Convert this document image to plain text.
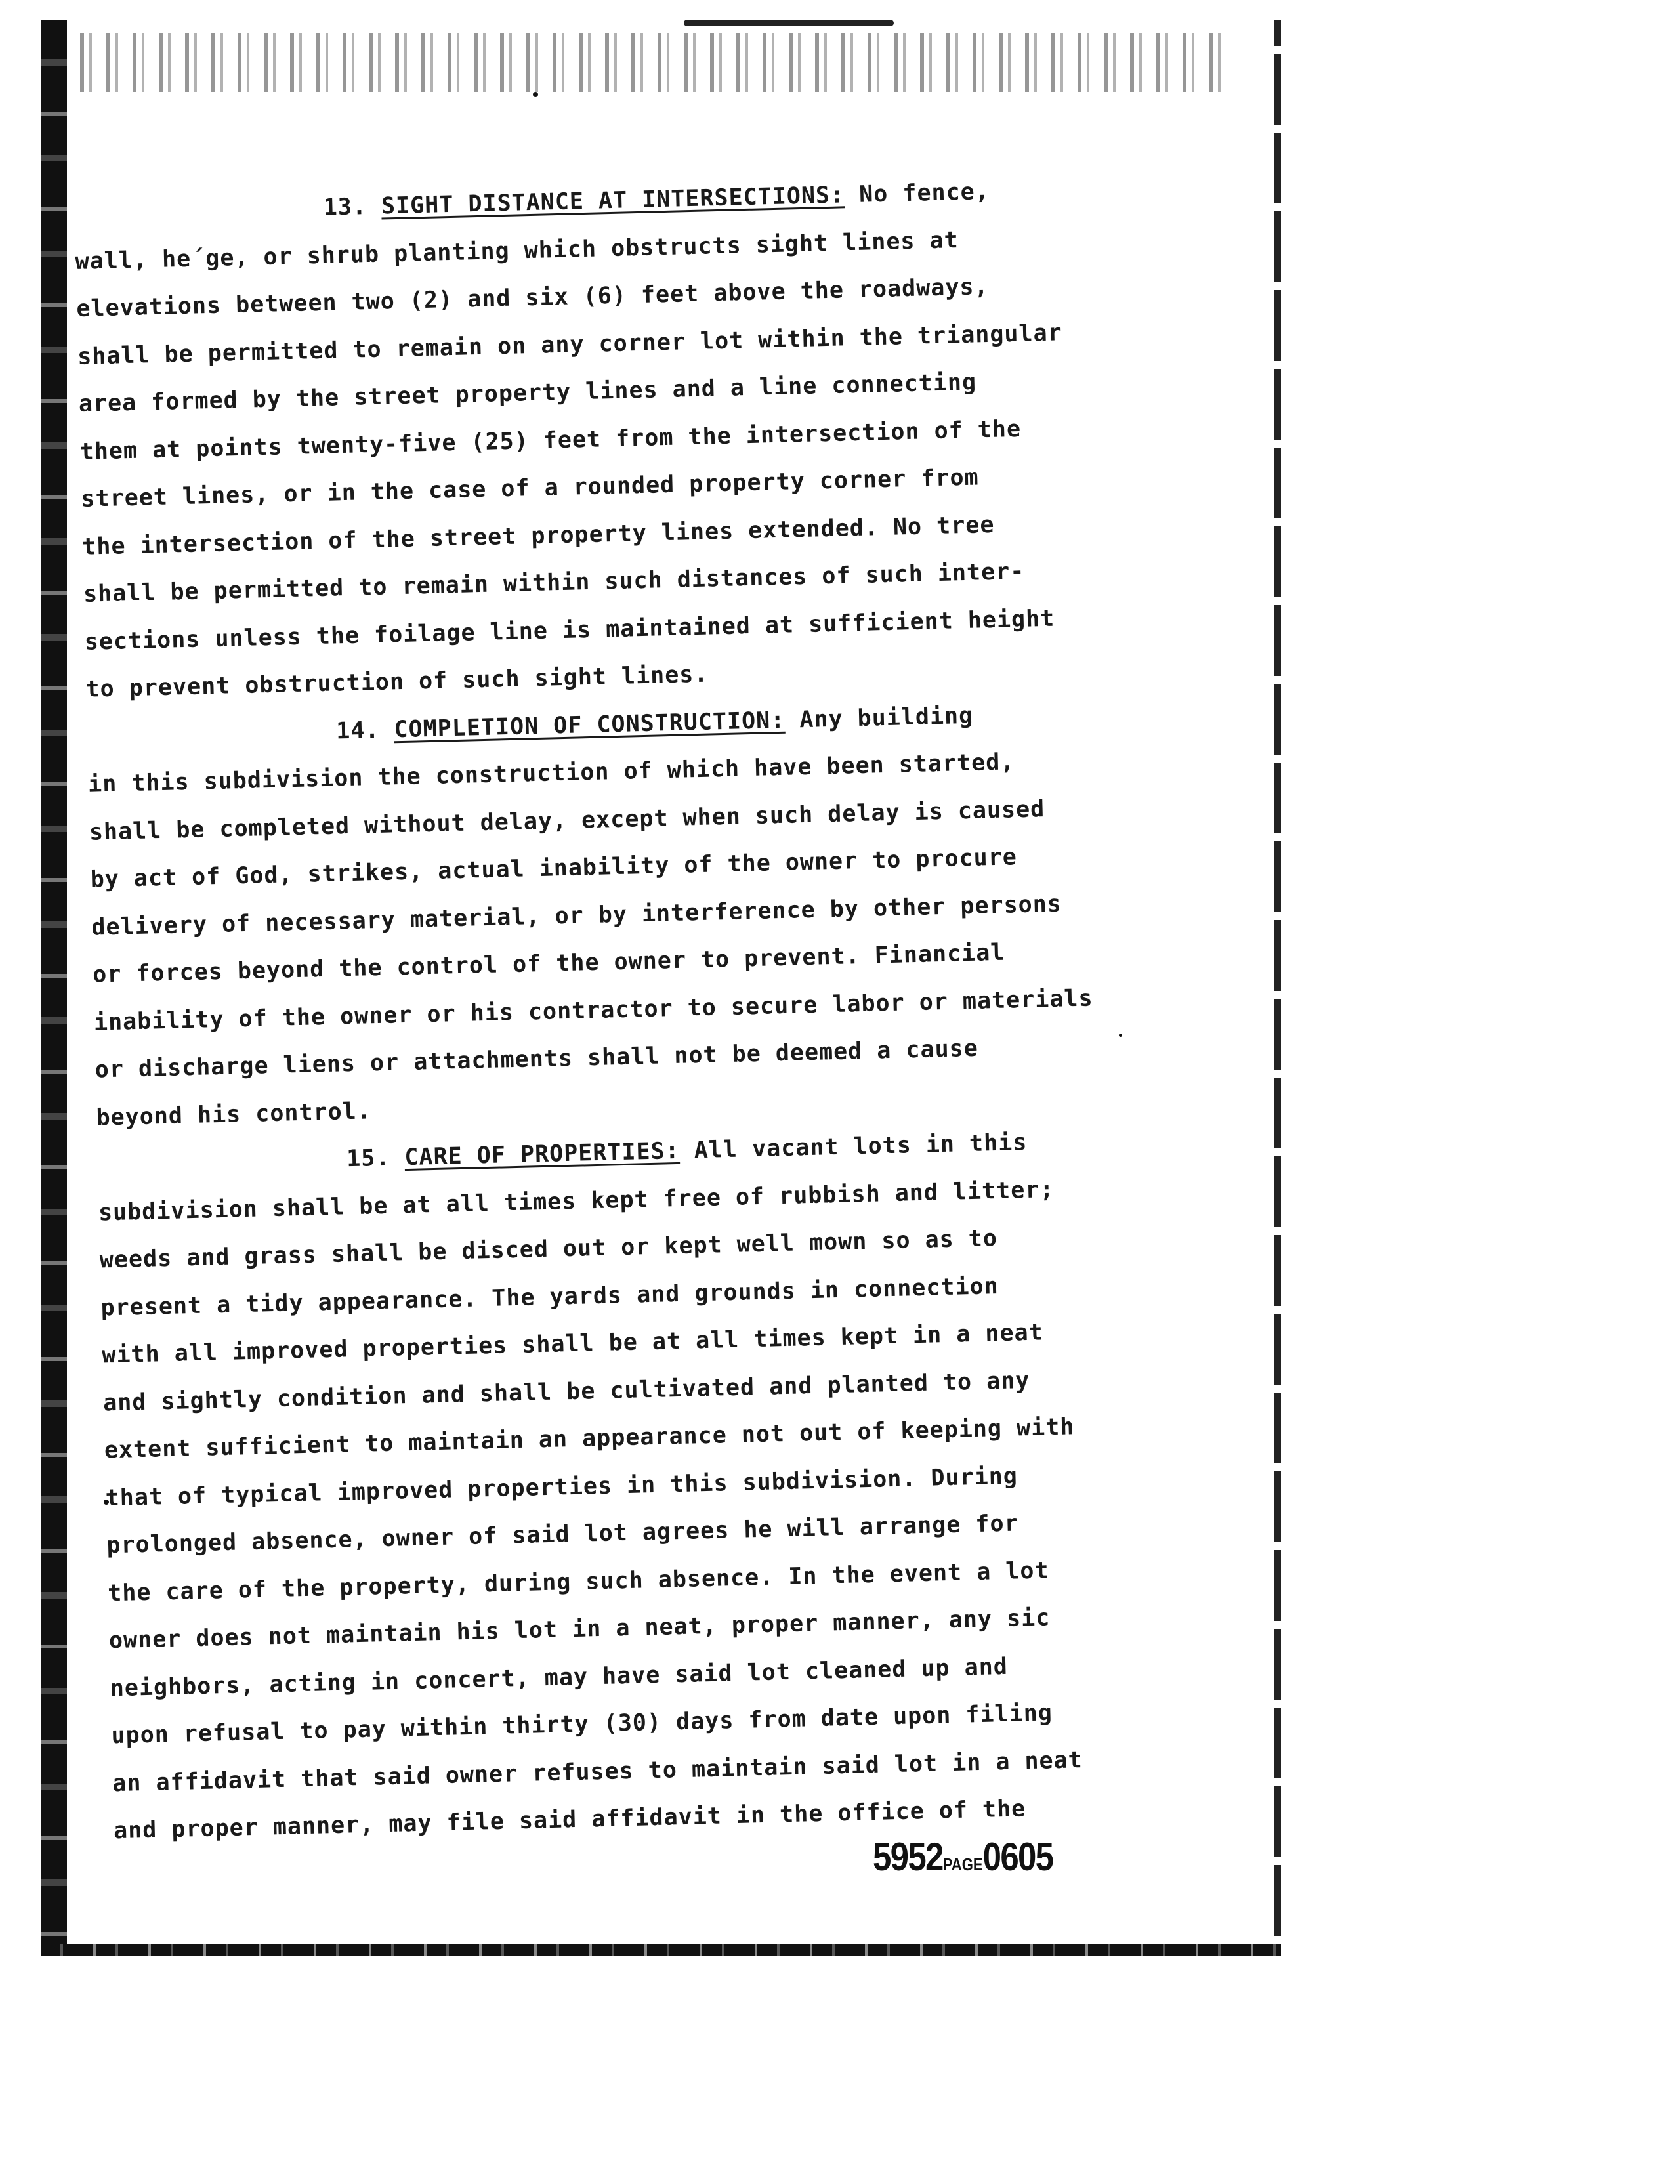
13. SIGHT DISTANCE AT INTERSECTIONS: No fence,
wall, he´ge, or shrub planting which obstructs sight lines at
elevations between two (2) and six (6) feet above the roadways,
shall be permitted to remain on any corner lot within the triangular
area formed by the street property lines and a line connecting
them at points twenty-five (25) feet from the intersection of the
street lines, or in the case of a rounded property corner from
the intersection of the street property lines extended. No tree
shall be permitted to remain within such distances of such inter-
sections unless the foilage line is maintained at sufficient height
to prevent obstruction of such sight lines.
14. COMPLETION OF CONSTRUCTION: Any building
in this subdivision the construction of which have been started,
shall be completed without delay, except when such delay is caused
by act of God, strikes, actual inability of the owner to procure
delivery of necessary material, or by interference by other persons
or forces beyond the control of the owner to prevent. Financial
inability of the owner or his contractor to secure labor or materials
or discharge liens or attachments shall not be deemed a cause
beyond his control.
15. CARE OF PROPERTIES: All vacant lots in this
subdivision shall be at all times kept free of rubbish and litter;
weeds and grass shall be disced out or kept well mown so as to
present a tidy appearance. The yards and grounds in connection
with all improved properties shall be at all times kept in a neat
and sightly condition and shall be cultivated and planted to any
extent sufficient to maintain an appearance not out of keeping with
that of typical improved properties in this subdivision. During
prolonged absence, owner of said lot agrees he will arrange for
the care of the property, during such absence. In the event a lot
owner does not maintain his lot in a neat, proper manner, any sic
neighbors, acting in concert, may have said lot cleaned up and
upon refusal to pay within thirty (30) days from date upon filing
an affidavit that said owner refuses to maintain said lot in a neat
and proper manner, may file said affidavit in the office of the
5952PAGE0605
